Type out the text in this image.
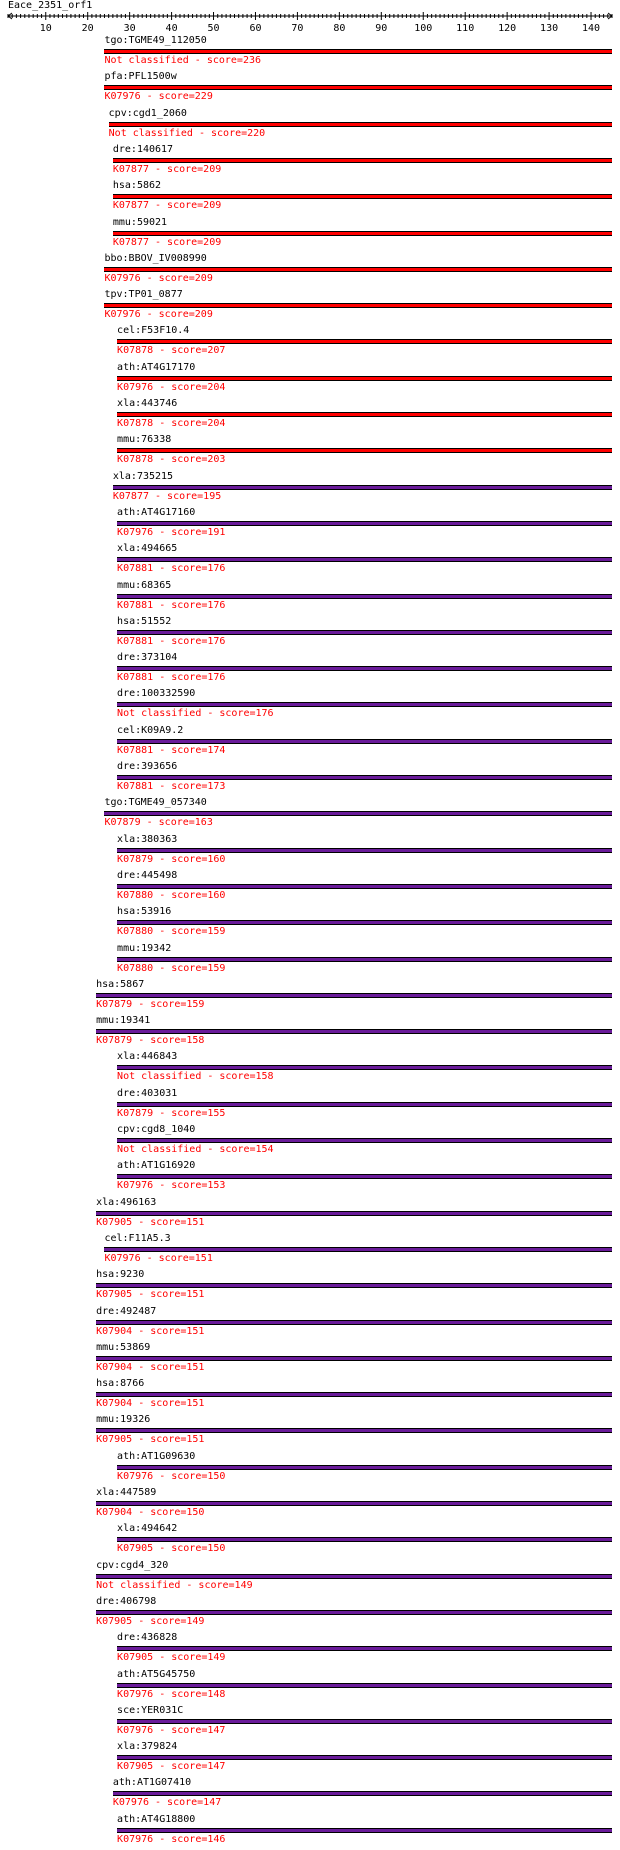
Eace_2351_orf1
10	20	30	40	50	60	70	80	90	100 110 120 130 140
tgo:TGME49_112050
Not classified - score=236
pfa:PFL1500w
K07976 - score=229
cpv:cgd1_2060
Not classified - score=220
dre:140617
K07877 - score=209
hsa:5862
K07877 - score=209
mmu:59021
K07877 - score=209
bbo:BBOV_IV008990
K07976 - score=209
tpv:TP01_0877
K07976 - score=209
cel:F53F10.4
K07878 - score=207
ath:AT4G17170
K07976 - score=204
xla:443746
K07878 - score=204
mmu:76338
K07878 - score=203
xla:735215
K07877 - score=195
ath:AT4G17160
K07976 - score=191
xla:494665
K07881 - score=176
mmu:68365
K07881 - score=176
hsa:51552
K07881 - score=176
dre:373104
K07881 - score=176
dre:100332590
Not classified - score=176
cel:K09A9.2
K07881 - score=174
dre:393656
K07881 - score=173
tgo:TGME49_057340
K07879 - score=163
xla:380363
K07879 - score=160
dre:445498
K07880 - score=160
hsa:53916
K07880 - score=159
mmu:19342
K07880 - score=159
hsa:5867
K07879 - score=159
mmu:19341
K07879 - score=158
xla:446843
Not classified - score=158
dre:403031
K07879 - score=155
cpv:cgd8_1040
Not classified - score=154
ath:AT1G16920
K07976 - score=153
xla:496163
K07905 - score=151
cel:F11A5.3
K07976 - score=151
hsa:9230
K07905 - score=151
dre:492487
K07904 - score=151
mmu:53869
K07904 - score=151
hsa:8766
K07904 - score=151
mmu:19326
K07905 - score=151
ath:AT1G09630
K07976 - score=150
xla:447589
K07904 - score=150
xla:494642
K07905 - score=150
cpv:cgd4_320
Not classified - score=149
dre:406798
K07905 - score=149
dre:436828
K07905 - score=149
ath:AT5G45750
K07976 - score=148
sce:YER031C
K07976 - score=147
xla:379824
K07905 - score=147
ath:AT1G07410
K07976 - score=147
ath:AT4G18800
K07976 - score=146
